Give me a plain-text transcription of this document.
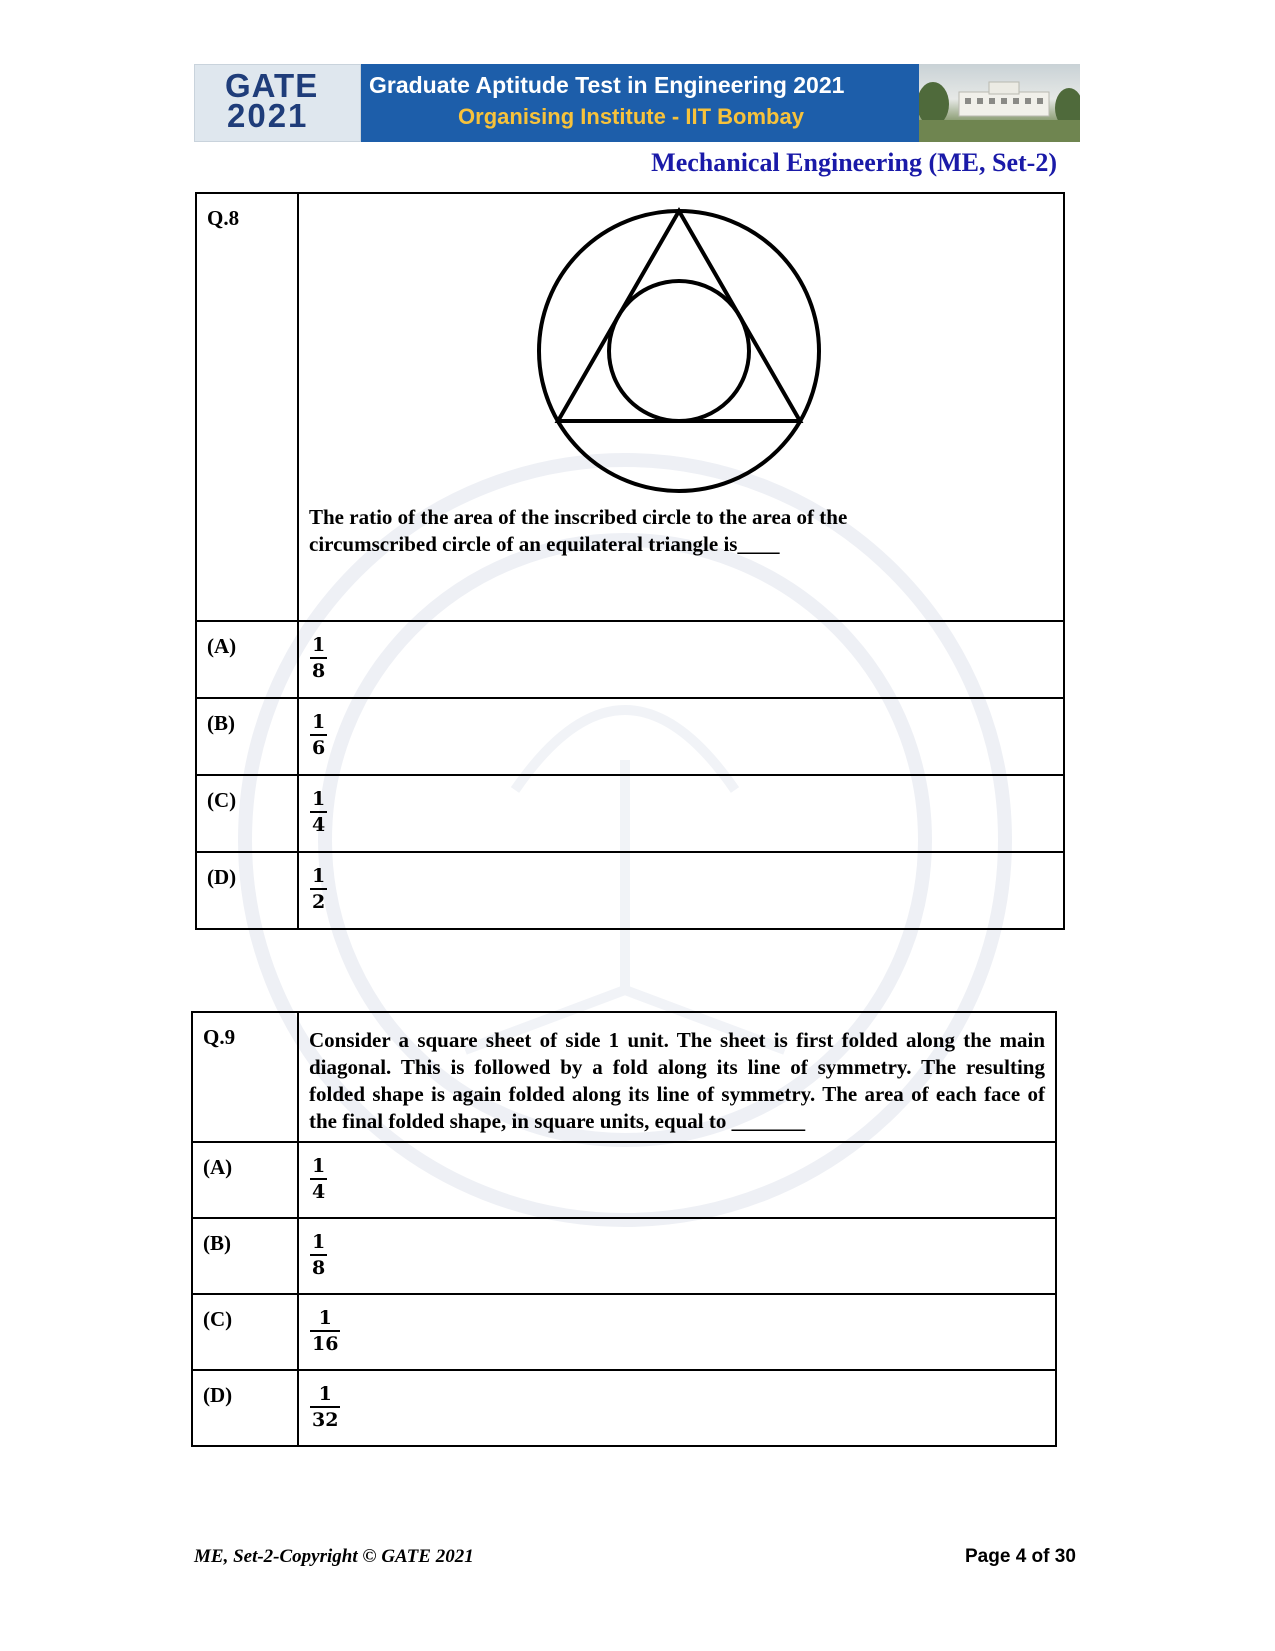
GATE
2021
Graduate Aptitude Test in Engineering 2021
Organising Institute - IIT Bombay
Mechanical Engineering (ME, Set-2)
Q.8	The ratio of the area of the inscribed circle to the area of the
circumscribed circle of an equilateral triangle is____

(A)	$\frac{1}{8}$

(B)	$\frac{1}{6}$

(C)	$\frac{1}{4}$

(D)	$\frac{1}{2}$
Q.9	Consider a square sheet of side 1 unit. The sheet is first folded along the main diagonal. This is followed by a fold along its line of symmetry. The resulting folded shape is again folded along its line of symmetry. The area of each face of the final folded shape, in square units, equal to _______
(A)	$\frac{1}{4}$

(B)	$\frac{1}{8}$

(C)	$\frac{1}{16}$

(D)	$\frac{1}{32}$
ME, Set-2-Copyright © GATE 2021	Page 4 of 30
